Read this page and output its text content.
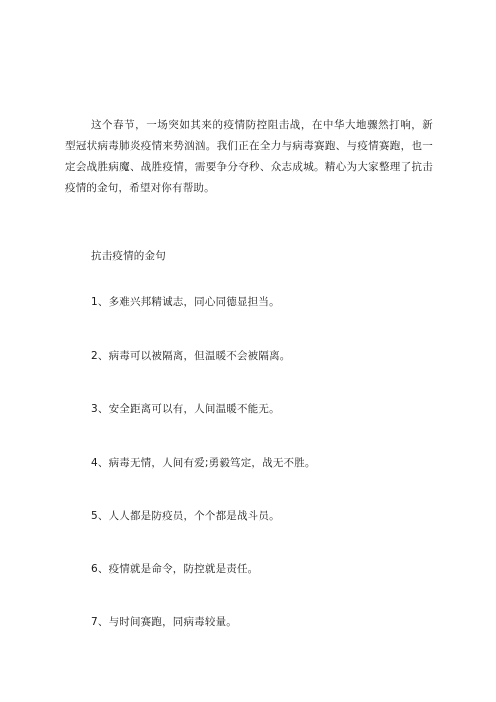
这个春节，一场突如其来的疫情防控阻击战，在中华大地骤然打响，新型冠状病毒肺炎疫情来势汹汹。我们正在全力与病毒赛跑、与疫情赛跑，也一定会战胜病魔、战胜疫情，需要争分夺秒、众志成城。精心为大家整理了抗击疫情的金句，希望对你有帮助。

抗击疫情的金句

1、多难兴邦精诚志，同心同德显担当。

2、病毒可以被隔离，但温暖不会被隔离。

3、安全距离可以有，人间温暖不能无。

4、病毒无情，人间有爱;勇毅笃定，战无不胜。

5、人人都是防疫员，个个都是战斗员。

6、疫情就是命令，防控就是责任。

7、与时间赛跑，同病毒较量。
